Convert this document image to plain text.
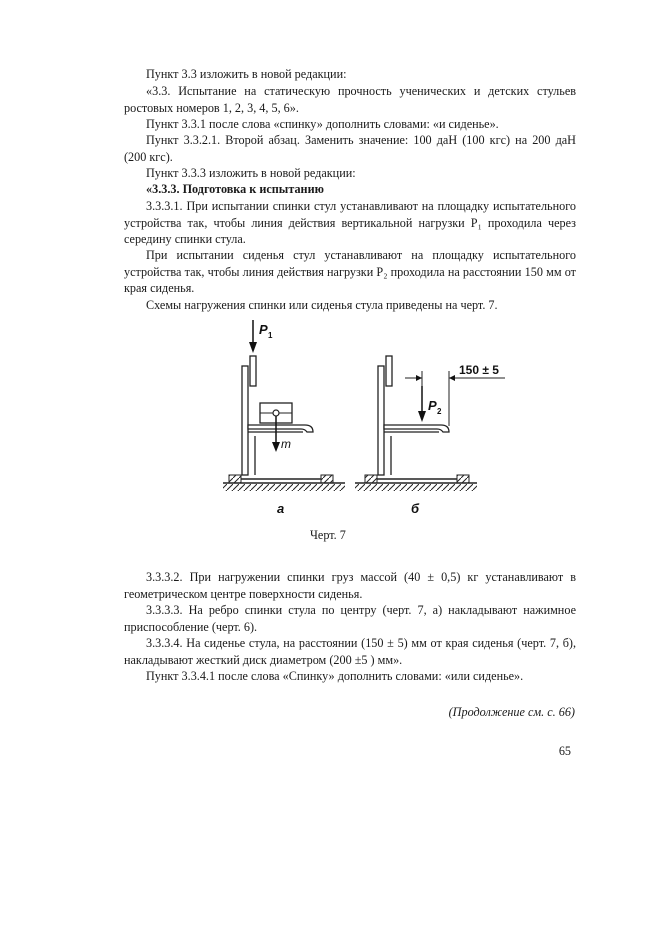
Пункт 3.3 изложить в новой редакции:

«3.3. Испытание на статическую прочность ученических и детских стульев ростовых номеров 1, 2, 3, 4, 5, 6».

Пункт 3.3.1 после слова «спинку» дополнить словами: «и сиденье».

Пункт 3.3.2.1. Второй абзац. Заменить значение: 100 даН (100 кгс) на 200 даН (200 кгс).

Пункт 3.3.3 изложить в новой редакции:

«3.3.3. Подготовка к испытанию

3.3.3.1. При испытании спинки стул устанавливают на площадку испытательного устройства так, чтобы линия действия вертикальной нагрузки P₁ проходила через середину спинки стула.

При испытании сиденья стул устанавливают на площадку испытательного устройства так, чтобы линия действия нагрузки P₂ проходила на расстоянии 150 мм от края сиденья.

Схемы нагружения спинки или сиденья стула приведены на черт. 7.

P 1
m
а
P 2
150 ± 5
б
Черт. 7

3.3.3.2. При нагружении спинки груз массой (40 ± 0,5) кг устанавливают в геометрическом центре поверхности сиденья.

3.3.3.3. На ребро спинки стула по центру (черт. 7, а) накладывают нажимное приспособление (черт. 6).

3.3.3.4. На сиденье стула, на расстоянии (150 ± 5) мм от края сиденья (черт. 7, б), накладывают жесткий диск диаметром (200 ±5 ) мм».

Пункт 3.3.4.1 после слова «Спинку» дополнить словами: «или сиденье».

(Продолжение см. с. 66)
65
